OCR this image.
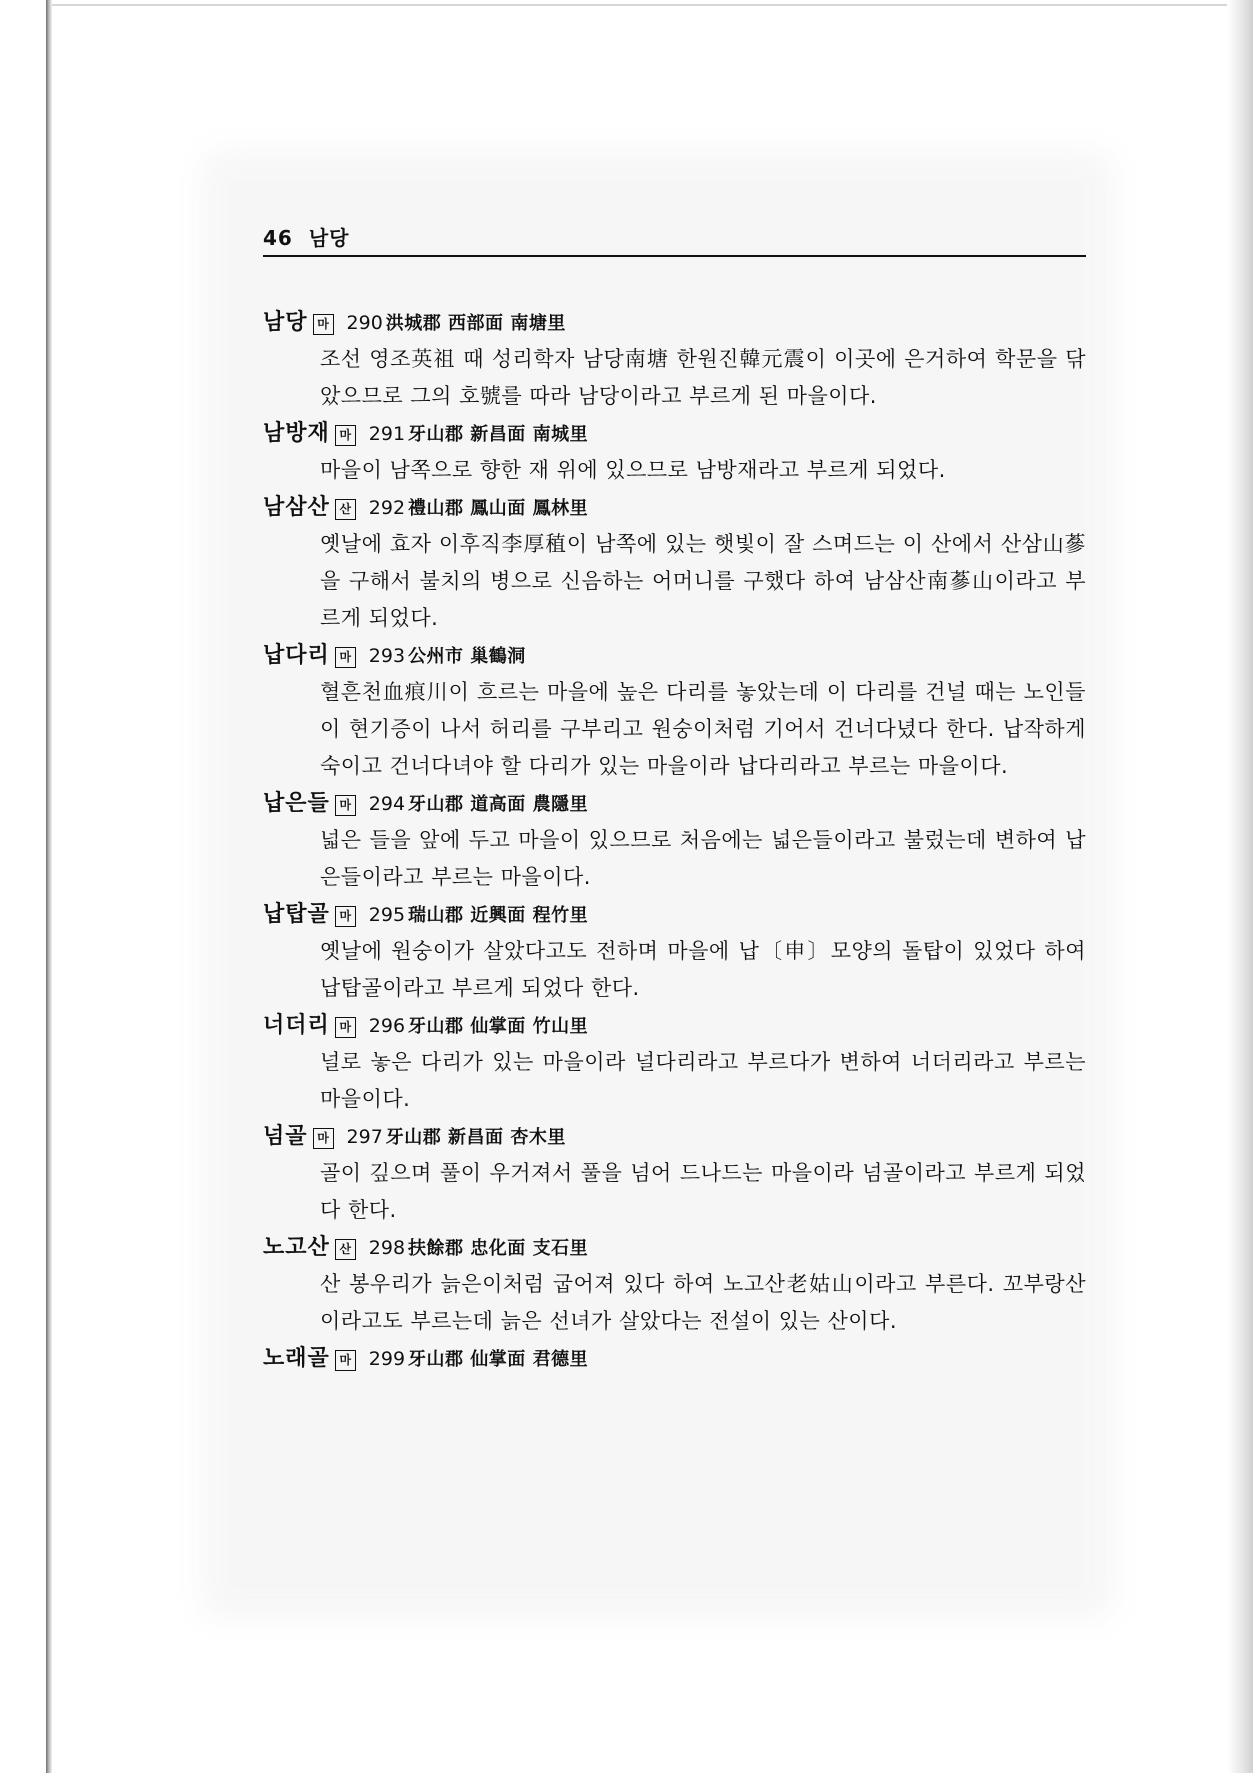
46 남당
남당 마 290 洪城郡 西部面 南塘里

조선 영조英祖 때 성리학자 남당南塘 한원진韓元震이 이곳에 은거하여 학문을 닦았으므로 그의 호號를 따라 남당이라고 부르게 된 마을이다.

남방재 마 291 牙山郡 新昌面 南城里

마을이 남쪽으로 향한 재 위에 있으므로 남방재라고 부르게 되었다.

남삼산 산 292 禮山郡 鳳山面 鳳林里

옛날에 효자 이후직李厚稙이 남쪽에 있는 햇빛이 잘 스며드는 이 산에서 산삼山蔘을 구해서 불치의 병으로 신음하는 어머니를 구했다 하여 남삼산南蔘山이라고 부르게 되었다.

납다리 마 293 公州市 巢鶴洞

혈흔천血痕川이 흐르는 마을에 높은 다리를 놓았는데 이 다리를 건널 때는 노인들이 현기증이 나서 허리를 구부리고 원숭이처럼 기어서 건너다녔다 한다. 납작하게 숙이고 건너다녀야 할 다리가 있는 마을이라 납다리라고 부르는 마을이다.

납은들 마 294 牙山郡 道高面 農隱里

넓은 들을 앞에 두고 마을이 있으므로 처음에는 넓은들이라고 불렀는데 변하여 납은들이라고 부르는 마을이다.

납탑골 마 295 瑞山郡 近興面 程竹里

옛날에 원숭이가 살았다고도 전하며 마을에 납〔申〕모양의 돌탑이 있었다 하여 납탑골이라고 부르게 되었다 한다.

너더리 마 296 牙山郡 仙掌面 竹山里

널로 놓은 다리가 있는 마을이라 널다리라고 부르다가 변하여 너더리라고 부르는 마을이다.

넘골 마 297 牙山郡 新昌面 杏木里

골이 깊으며 풀이 우거져서 풀을 넘어 드나드는 마을이라 넘골이라고 부르게 되었다 한다.

노고산 산 298 扶餘郡 忠化面 支石里

산 봉우리가 늙은이처럼 굽어져 있다 하여 노고산老姑山이라고 부른다. 꼬부랑산이라고도 부르는데 늙은 선녀가 살았다는 전설이 있는 산이다.

노래골 마 299 牙山郡 仙掌面 君德里
